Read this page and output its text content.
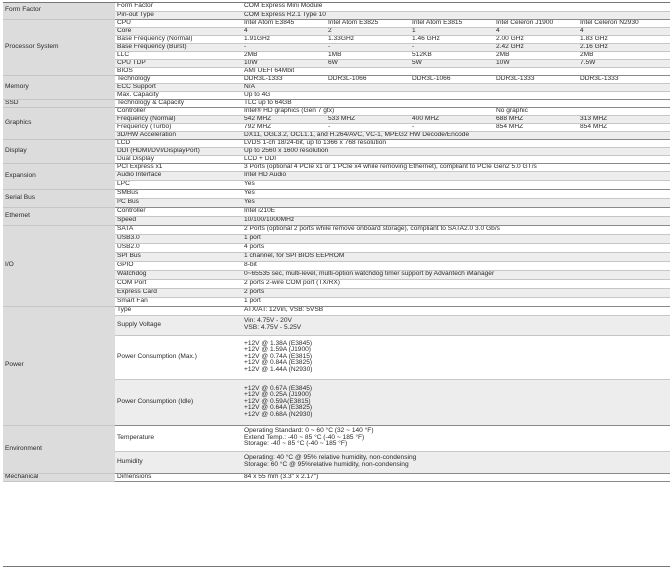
Form Factor	Form Factor	COM Express Mini Module				
	Pin-out Type	COM Express R2.1 Type 10				
Processor System	CPU	Intel Atom E3845	Intel Atom E3825	Intel Atom E3815	Intel Celeron J1900	Intel Celeron N2930
	Core	4	2	1	4	4
	Base Frequency (Normal)	1.91GHz	1.33GHz	1.46 GHz	2.00 GHz	1.83 GHz
	Base Frequency (Burst)	-	-	-	2.42 GHz	2.16 GHz
	LLC	2MB	1MB	512KB	2MB	2MB
	CPU TDP	10W	6W	5W	10W	7.5W
	BIOS	AMI UEFI 64Mbit				
Memory	Technology	DDR3L-1333	DDR3L-1066	DDR3L-1066	DDR3L-1333	DDR3L-1333
	ECC Support	N/A				
	Max. Capacity	Up to 4G				
SSD	Technology & Capacity	TLC up to 64GB				
Graphics	Controller	Intel® HD graphics (Gen 7 gtx)			No graphic	
	Frequency (Normal)	542 MHZ	533 MHZ	400 MHZ	688 MHZ	313 MHZ
	Frequency (Turbo)	792 MHZ	-	-	854 MHZ	854 MHZ
	3D/HW Acceleration	DX11, OGL3.2, OCL1.1, and H.264/AVC, VC-1, MPEG2 HW Decode/Encode				
Display	LCD	LVDS 1-ch 18/24-bit, up to 1366 x 768 resolution				
	DDI (HDMI/DVI/DisplayPort)	Up to 2560 x 1600 resolution				
	Dual Display	LCD + DDI				
Expansion	PCI Express x1	3 Ports (optional 4 PCIe x1 or 1 PCIe x4 while removing Ethernet), compliant to PCIe Gen2 5.0 GT/s				
	Audio Interface	Intel HD Audio				
	LPC	Yes				
Serial Bus	SMBus	Yes				
	I²C Bus	Yes				
Ethernet	Controller	Intel i210E				
	Speed	10/100/1000MHz				
I/O	SATA	2 Ports (optional 2 ports while remove onboard storage), compliant to SATA2.0 3.0 Gb/s				
	USB3.0	1 port				
	USB2.0	4 ports				
	SPI Bus	1 channel, for SPI BIOS EEPROM				
	GPIO	8-bit				
	Watchdog	0~65535 sec, multi-level, multi-option watchdog timer support by Advantech iManager				
	COM Port	2 ports 2-wire COM port (TX/RX)				
	Express Card	2 ports				
	Smart Fan	1 port				
Power	Type	ATX/AT: 12Vin, VSB: 5VSB				
	Supply Voltage	Vin: 4.75V - 20V
VSB: 4.75V - 5.25V				

	Power Consumption (Max.)	+12V @ 1.38A (E3845)
+12V @ 1.59A (J1900)
+12V @ 0.74A (E3815)
+12V @ 0.84A (E3825)
+12V @ 1.44A (N2930)				

	Power Consumption (Idle)	+12V @ 0.67A (E3845)
+12V @ 0.25A (J1900)
+12V @ 0.59A(E3815)
+12V @ 0.64A (E3825)
+12V @ 0.68A (N2930)				

Environment	Temperature	Operating Standard: 0 ~ 60 °C (32 ~ 140 °F)
Extend Temp.: -40 ~ 85 °C (-40 ~ 185 °F)
Storage: -40 ~ 85 °C (-40 ~ 185 °F)				

	Humidity	Operating: 40 °C @ 95% relative humidity, non-condensing
Storage: 60 °C @ 95%relative humidity, non-condensing				

Mechanical	Dimensions	84 x 55 mm (3.3" x 2.17")				
